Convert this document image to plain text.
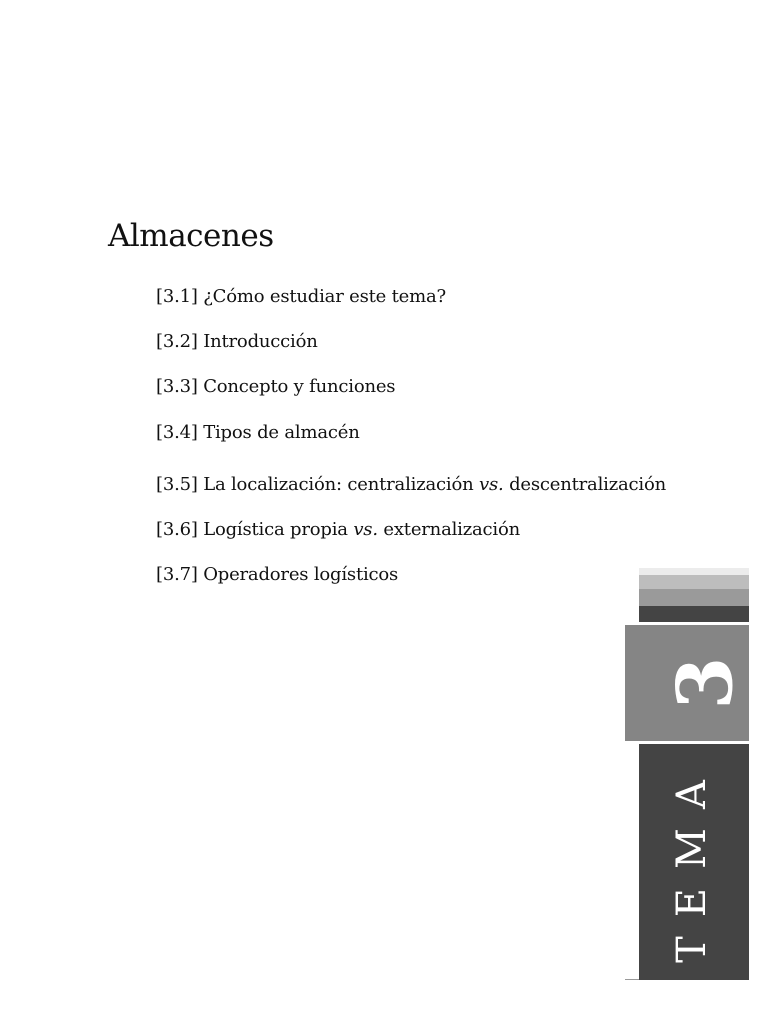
Almacenes
[3.1] ¿Cómo estudiar este tema?
[3.2] Introducción
[3.3] Concepto y funciones
[3.4] Tipos de almacén
[3.5] La localización: centralización vs. descentralización
[3.6] Logística propia vs. externalización
[3.7] Operadores logísticos
3
TEMA
